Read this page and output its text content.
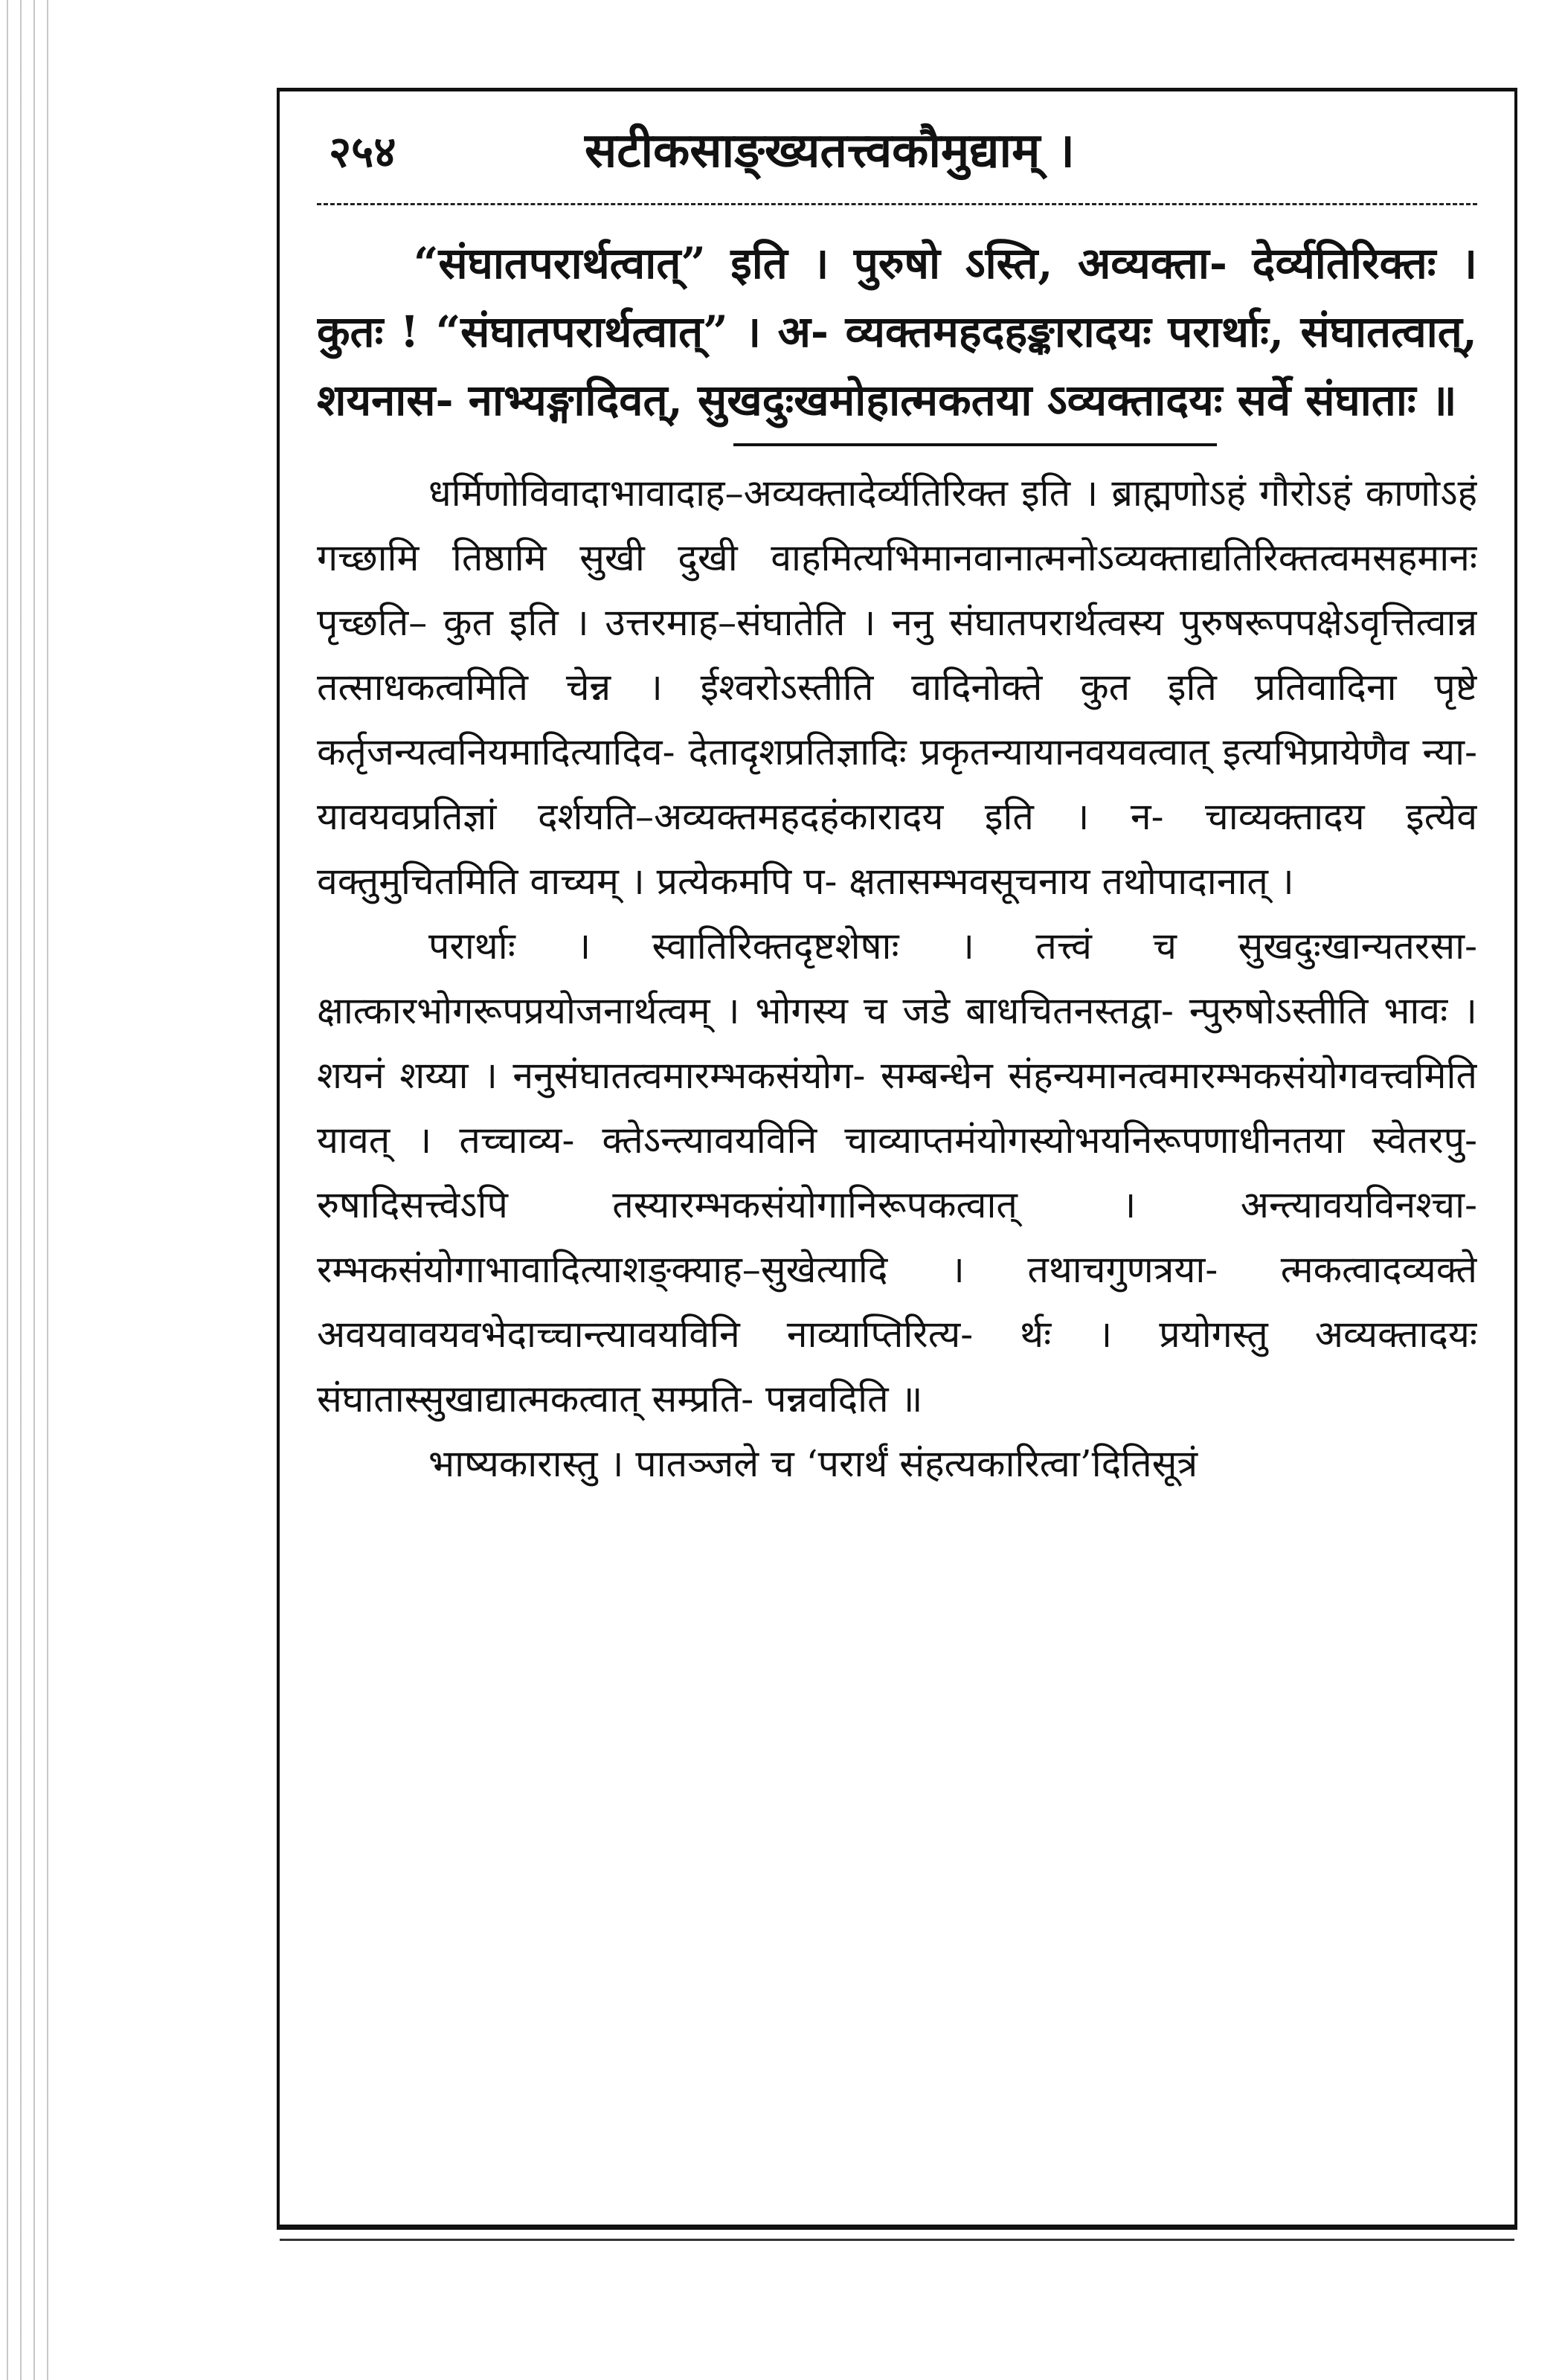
२५४	सटीकसाङ्ख्यतत्त्वकौमुद्याम् ।

“संघातपरार्थत्वात्” इति । पुरुषो ऽस्ति, अव्यक्ता- देर्व्यतिरिक्तः । कुतः ! “संघातपरार्थत्वात्” । अ- व्यक्तमहदहङ्कारादयः परार्थाः, संघातत्वात्, शयनास- नाभ्यङ्गादिवत्, सुखदुःखमोहात्मकतया ऽव्यक्तादयः सर्वे संघाताः ॥

धर्मिणोविवादाभावादाह–अव्यक्तादेर्व्यतिरिक्त इति । ब्राह्मणोऽहं गौरोऽहं काणोऽहं गच्छामि तिष्ठामि सुखी दुखी वाहमित्यभिमानवानात्मनोऽव्यक्ताद्यतिरिक्तत्वमसहमानः पृच्छति– कुत इति । उत्तरमाह–संघातेति । ननु संघातपरार्थत्वस्य पुरुषरूपपक्षेऽवृत्तित्वान्न तत्साधकत्वमिति चेन्न । ईश्वरोऽस्तीति वादिनोक्ते कुत इति प्रतिवादिना पृष्टे कर्तृजन्यत्वनियमादित्यादिव- देतादृशप्रतिज्ञादिः प्रकृतन्यायानवयवत्वात् इत्यभिप्रायेणैव न्या- यावयवप्रतिज्ञां दर्शयति–अव्यक्तमहदहंकारादय इति । न- चाव्यक्तादय इत्येव वक्तुमुचितमिति वाच्यम् । प्रत्येकमपि प- क्षतासम्भवसूचनाय तथोपादानात् ।

परार्थाः । स्वातिरिक्तदृष्टशेषाः । तत्त्वं च सुखदुःखान्यतरसा- क्षात्कारभोगरूपप्रयोजनार्थत्वम् । भोगस्य च जडे बाधचितनस्तद्वा- न्पुरुषोऽस्तीति भावः । शयनं शय्या । ननुसंघातत्वमारम्भकसंयोग- सम्बन्धेन संहन्यमानत्वमारम्भकसंयोगवत्त्वमिति यावत् । तच्चाव्य- क्तेऽन्त्यावयविनि चाव्याप्तमंयोगस्योभयनिरूपणाधीनतया स्वेतरपु- रुषादिसत्त्वेऽपि तस्यारम्भकसंयोगानिरूपकत्वात् । अन्त्यावयविनश्चा- रम्भकसंयोगाभावादित्याशङ्क्याह–सुखेत्यादि । तथाचगुणत्रया- त्मकत्वादव्यक्ते अवयवावयवभेदाच्चान्त्यावयविनि नाव्याप्तिरित्य- र्थः । प्रयोगस्तु अव्यक्तादयः संघातास्सुखाद्यात्मकत्वात् सम्प्रति- पन्नवदिति ॥

भाष्यकारास्तु । पातञ्जले च ‘परार्थं संहत्यकारित्वा’दितिसूत्रं
